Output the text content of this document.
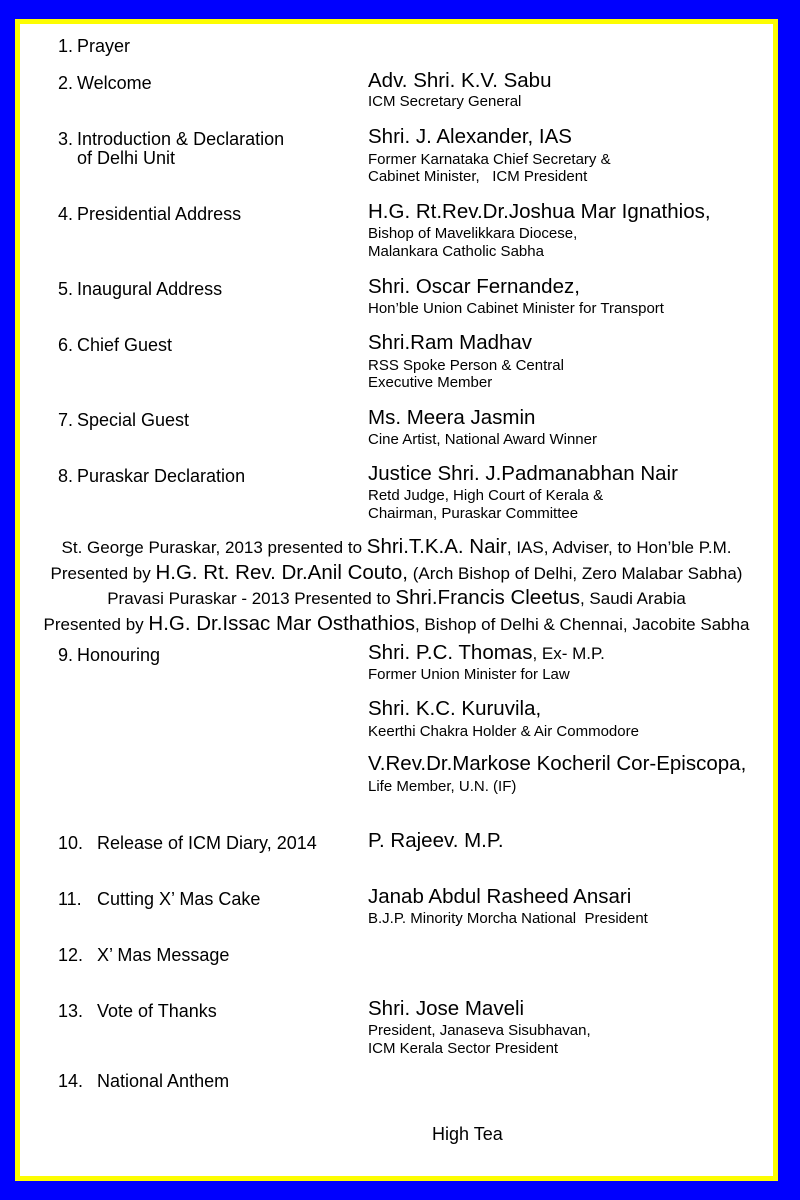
1. Prayer
2. Welcome
3. Introduction & Declaration
of Delhi Unit
4. Presidential Address
5. Inaugural Address
6. Chief Guest
7. Special Guest
8. Puraskar Declaration
9. Honouring
10. Release of ICM Diary, 2014
11. Cutting X’ Mas Cake
12. X’ Mas Message
13. Vote of Thanks
14. National Anthem
Adv. Shri. K.V. Sabu
ICM Secretary General
Shri. J. Alexander, IAS
Former Karnataka Chief Secretary &
Cabinet Minister,   ICM President
H.G. Rt.Rev.Dr.Joshua Mar Ignathios,
Bishop of Mavelikkara Diocese,
Malankara Catholic Sabha
Shri. Oscar Fernandez,
Hon’ble Union Cabinet Minister for Transport
Shri.Ram Madhav
RSS Spoke Person & Central
Executive Member
Ms. Meera Jasmin
Cine Artist, National Award Winner
Justice Shri. J.Padmanabhan Nair
Retd Judge, High Court of Kerala &
Chairman, Puraskar Committee
Shri. P.C. Thomas, Ex- M.P.
Former Union Minister for Law
Shri. K.C. Kuruvila,
Keerthi Chakra Holder & Air Commodore
V.Rev.Dr.Markose Kocheril Cor-Episcopa,
Life Member, U.N. (IF)
P. Rajeev. M.P.
Janab Abdul Rasheed Ansari
B.J.P. Minority Morcha National  President
Shri. Jose Maveli
President, Janaseva Sisubhavan,
ICM Kerala Sector President
St. George Puraskar, 2013 presented to Shri.T.K.A. Nair, IAS, Adviser, to Hon’ble P.M.
Presented by H.G. Rt. Rev. Dr.Anil Couto, (Arch Bishop of Delhi, Zero Malabar Sabha)
Pravasi Puraskar - 2013 Presented to Shri.Francis Cleetus, Saudi Arabia
Presented by H.G. Dr.Issac Mar Osthathios, Bishop of Delhi & Chennai, Jacobite Sabha
High Tea
